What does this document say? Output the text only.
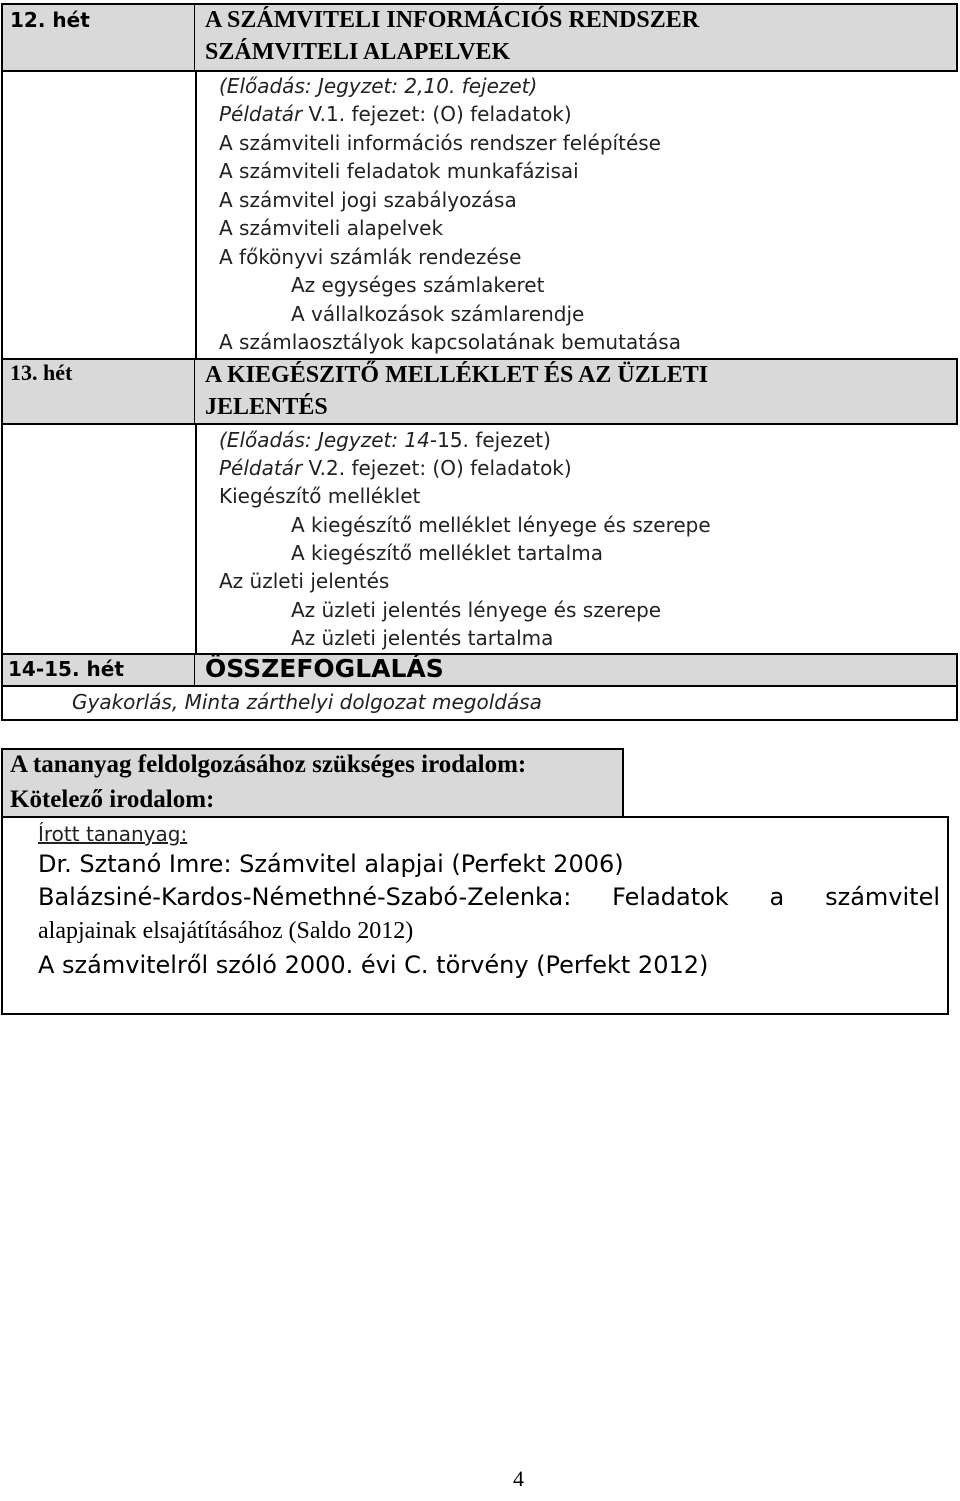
12. hét	A SZÁMVITELI INFORMÁCIÓS RENDSZER
SZÁMVITELI ALAPELVEK
(Előadás: Jegyzet: 2,10. fejezet)
Példatár V.1. fejezet: (O) feladatok)
A számviteli információs rendszer felépítése
A számviteli feladatok munkafázisai
A számvitel jogi szabályozása
A számviteli alapelvek
A főkönyvi számlák rendezése
Az egységes számlakeret
A vállalkozások számlarendje
A számlaosztályok kapcsolatának bemutatása
13. hét	A KIEGÉSZITŐ MELLÉKLET ÉS AZ ÜZLETI
JELENTÉS
(Előadás: Jegyzet: 14-15. fejezet)
Példatár V.2. fejezet: (O) feladatok)
Kiegészítő melléklet
A kiegészítő melléklet lényege és szerepe
A kiegészítő melléklet tartalma
Az üzleti jelentés
Az üzleti jelentés lényege és szerepe
Az üzleti jelentés tartalma
14-15. hét	ÖSSZEFOGLALÁS
Gyakorlás, Minta zárthelyi dolgozat megoldása
A tananyag feldolgozásához szükséges irodalom:
Kötelező irodalom:
Írott tananyag:
Dr. Sztanó Imre: Számvitel alapjai (Perfekt 2006)
Balázsiné-Kardos-Némethné-Szabó-Zelenka: Feladatok a számvitel
alapjainak elsajátításához (Saldo 2012)
A számvitelről szóló 2000. évi C. törvény (Perfekt 2012)
4
